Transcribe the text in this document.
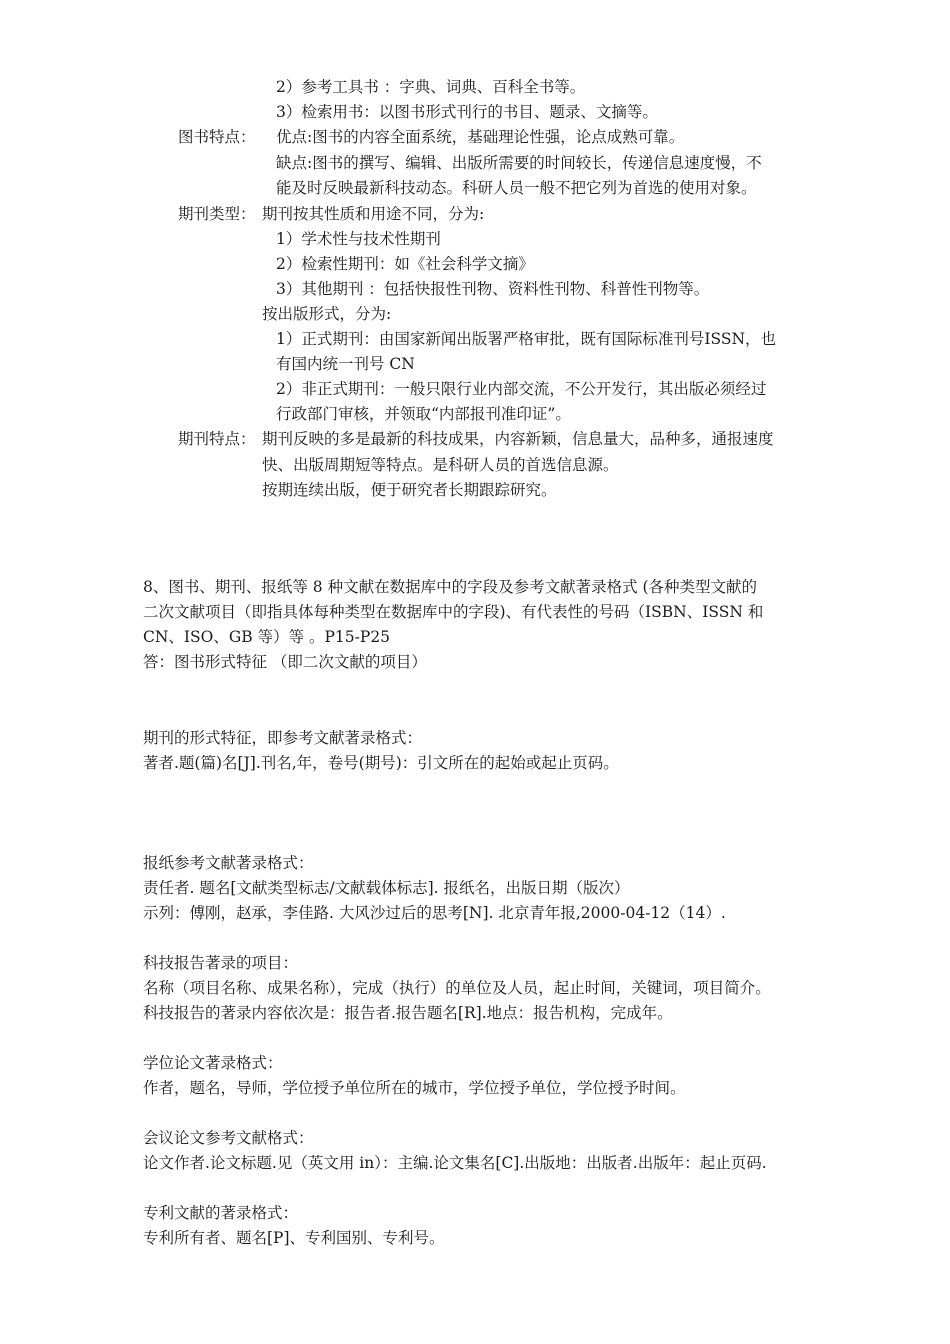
2）参考工具书 ：字典、词典、百科全书等。
3）检索用书：以图书形式刊行的书目、题录、文摘等。
图书特点： 优点:图书的内容全面系统，基础理论性强，论点成熟可靠。
缺点:图书的撰写、编辑、出版所需要的时间较长，传递信息速度慢，不
能及时反映最新科技动态。科研人员一般不把它列为首选的使用对象。
期刊类型： 期刊按其性质和用途不同，分为:
1）学术性与技术性期刊
2）检索性期刊：如《社会科学文摘》
3）其他期刊 ：包括快报性刊物、资料性刊物、科普性刊物等。
按出版形式，分为:
1）正式期刊：由国家新闻出版署严格审批，既有国际标准刊号ISSN，也
有国内统一刊号 CN
2）非正式期刊：一般只限行业内部交流，不公开发行，其出版必须经过
行政部门审核，并领取“内部报刊准印证”。
期刊特点： 期刊反映的多是最新的科技成果，内容新颖，信息量大，品种多，通报速度
快、出版周期短等特点。是科研人员的首选信息源。
按期连续出版，便于研究者长期跟踪研究。
8、图书、期刊、报纸等 8 种文献在数据库中的字段及参考文献著录格式 (各种类型文献的
二次文献项目（即指具体每种类型在数据库中的字段)、有代表性的号码（ISBN、ISSN 和
CN、ISO、GB 等）等 。P15-P25
答：图书形式特征 （即二次文献的项目）
期刊的形式特征，即参考文献著录格式：
著者.题(篇)名[J].刊名,年，卷号(期号)：引文所在的起始或起止页码。
报纸参考文献著录格式：
责任者. 题名[文献类型标志/文献载体标志]. 报纸名，出版日期（版次）
示列：傅刚，赵承，李佳路. 大风沙过后的思考[N]. 北京青年报,2000-04-12（14）.
科技报告著录的项目：
名称（项目名称、成果名称），完成（执行）的单位及人员，起止时间，关键词，项目简介。
科技报告的著录内容依次是：报告者.报告题名[R].地点：报告机构，完成年。
学位论文著录格式：
作者，题名，导师，学位授予单位所在的城市，学位授予单位，学位授予时间。
会议论文参考文献格式：
论文作者.论文标题.见（英文用 in）：主编.论文集名[C].出版地：出版者.出版年：起止页码.
专利文献的著录格式：
专利所有者、题名[P]、专利国别、专利号。
